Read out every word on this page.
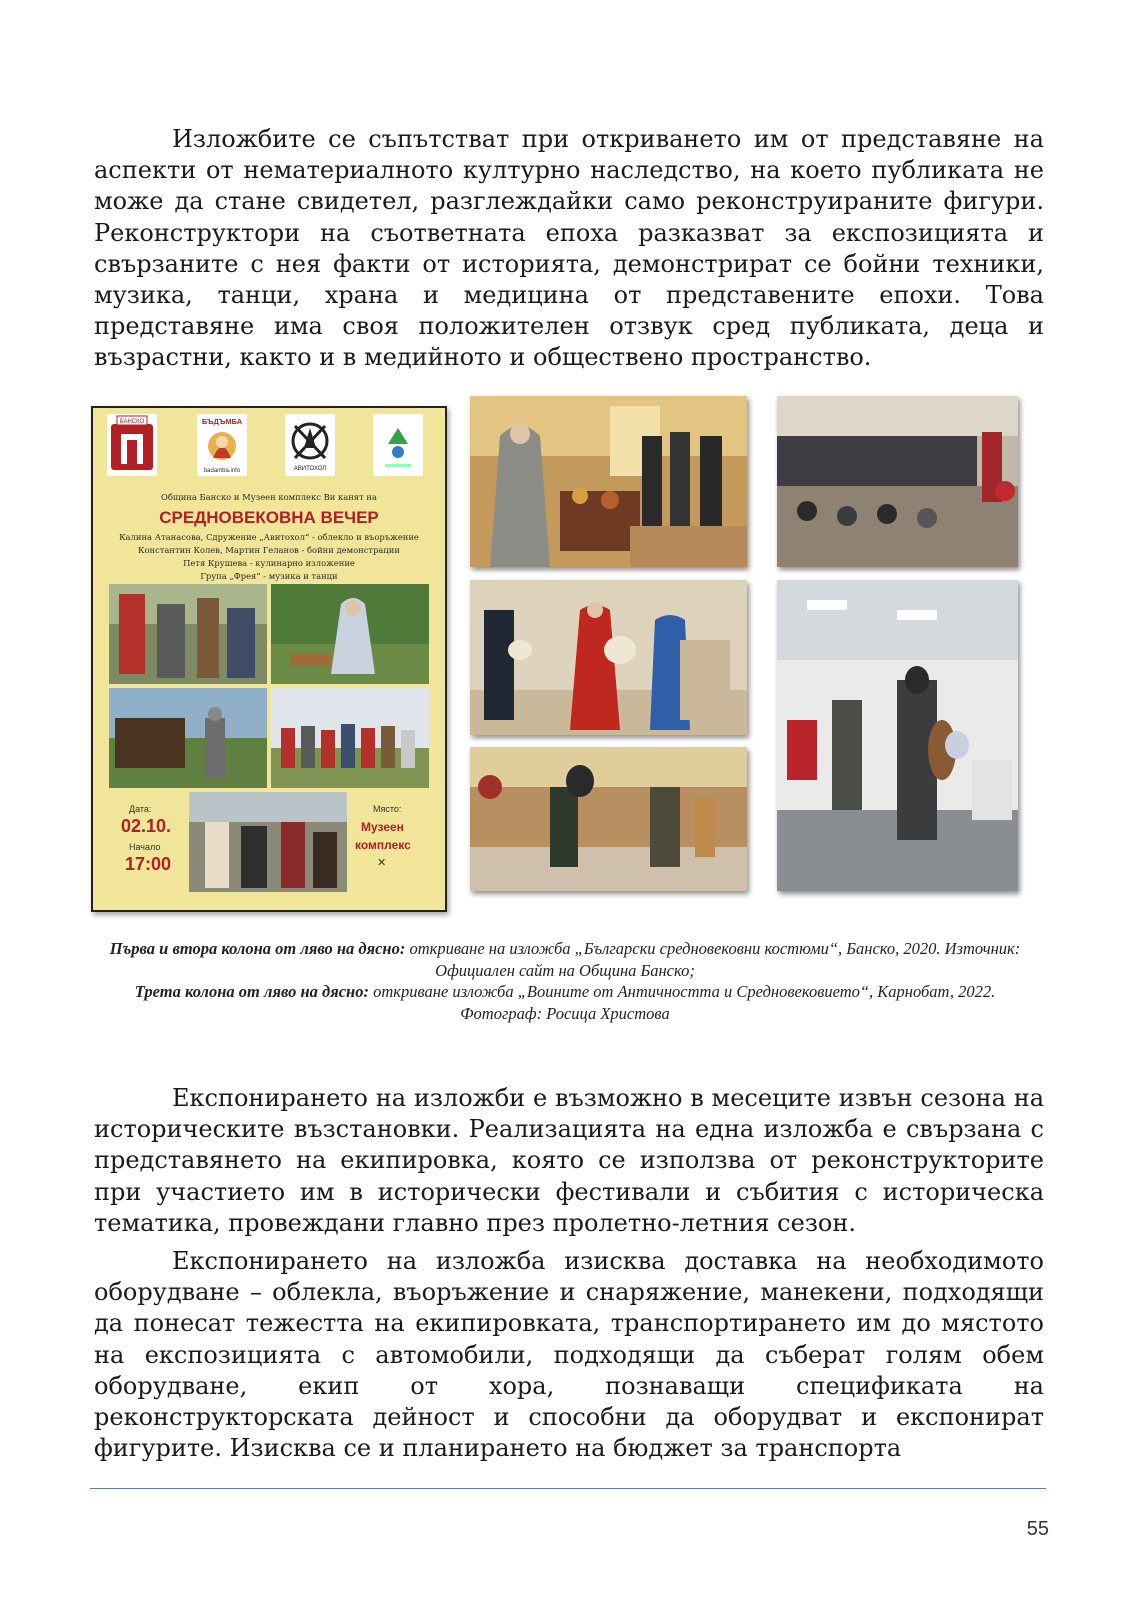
Изложбите се съпътстват при откриването им от представяне на аспекти от нематериалното културно наследство, на което публиката не може да стане свидетел, разглеждайки само реконструираните фигури. Реконструктори на съответната епоха разказват за експозицията и свързаните с нея факти от историята, демонстрират се бойни техники, музика, танци, храна и медицина от представените епохи. Това представяне има своя положителен отзвук сред публиката, деца и възрастни, както и в медийното и обществено пространство.

БАНСКО	БЪДЪМБА
badamba.info	АВИТОХОЛ
Община Банско и Музеен комплекс Ви канят на
СРЕДНОВЕКОВНА ВЕЧЕР
Калина Атанасова, Сдружение „Авитохол“ - облекло и въоръжение
Константин Колев, Мартин Геланов - бойни демонстрации
Петя Крушева - кулинарно изложение
Група „Фрея“ - музика и танци
Дата:
02.10.
Начало
17:00
Място:
Музеен
комплекс
✕

Първа и втора колона от ляво на дясно: откриване на изложба „Български средновековни костюми“, Банско, 2020. Източник: Официален сайт на Община Банско;
Трета колона от ляво на дясно: откриване изложба „Воините от Античността и Средновековието“, Карнобат, 2022. Фотограф: Росица Христова

Експонирането на изложби е възможно в месеците извън сезона на историческите възстановки. Реализацията на една изложба е свързана с представянето на екипировка, която се използва от реконструкторите при участието им в исторически фестивали и събития с историческа тематика, провеждани главно през пролетно-летния сезон.

Експонирането на изложба изисква доставка на необходимото оборудване – облекла, въоръжение и снаряжение, манекени, подходящи да понесат тежестта на екипировката, транспортирането им до мястото на експозицията с автомобили, подходящи да съберат голям обем оборудване, екип от хора, познаващи спецификата на реконструкторската дейност и способни да оборудват и експонират фигурите. Изисква се и планирането на бюджет за транспорта

55
